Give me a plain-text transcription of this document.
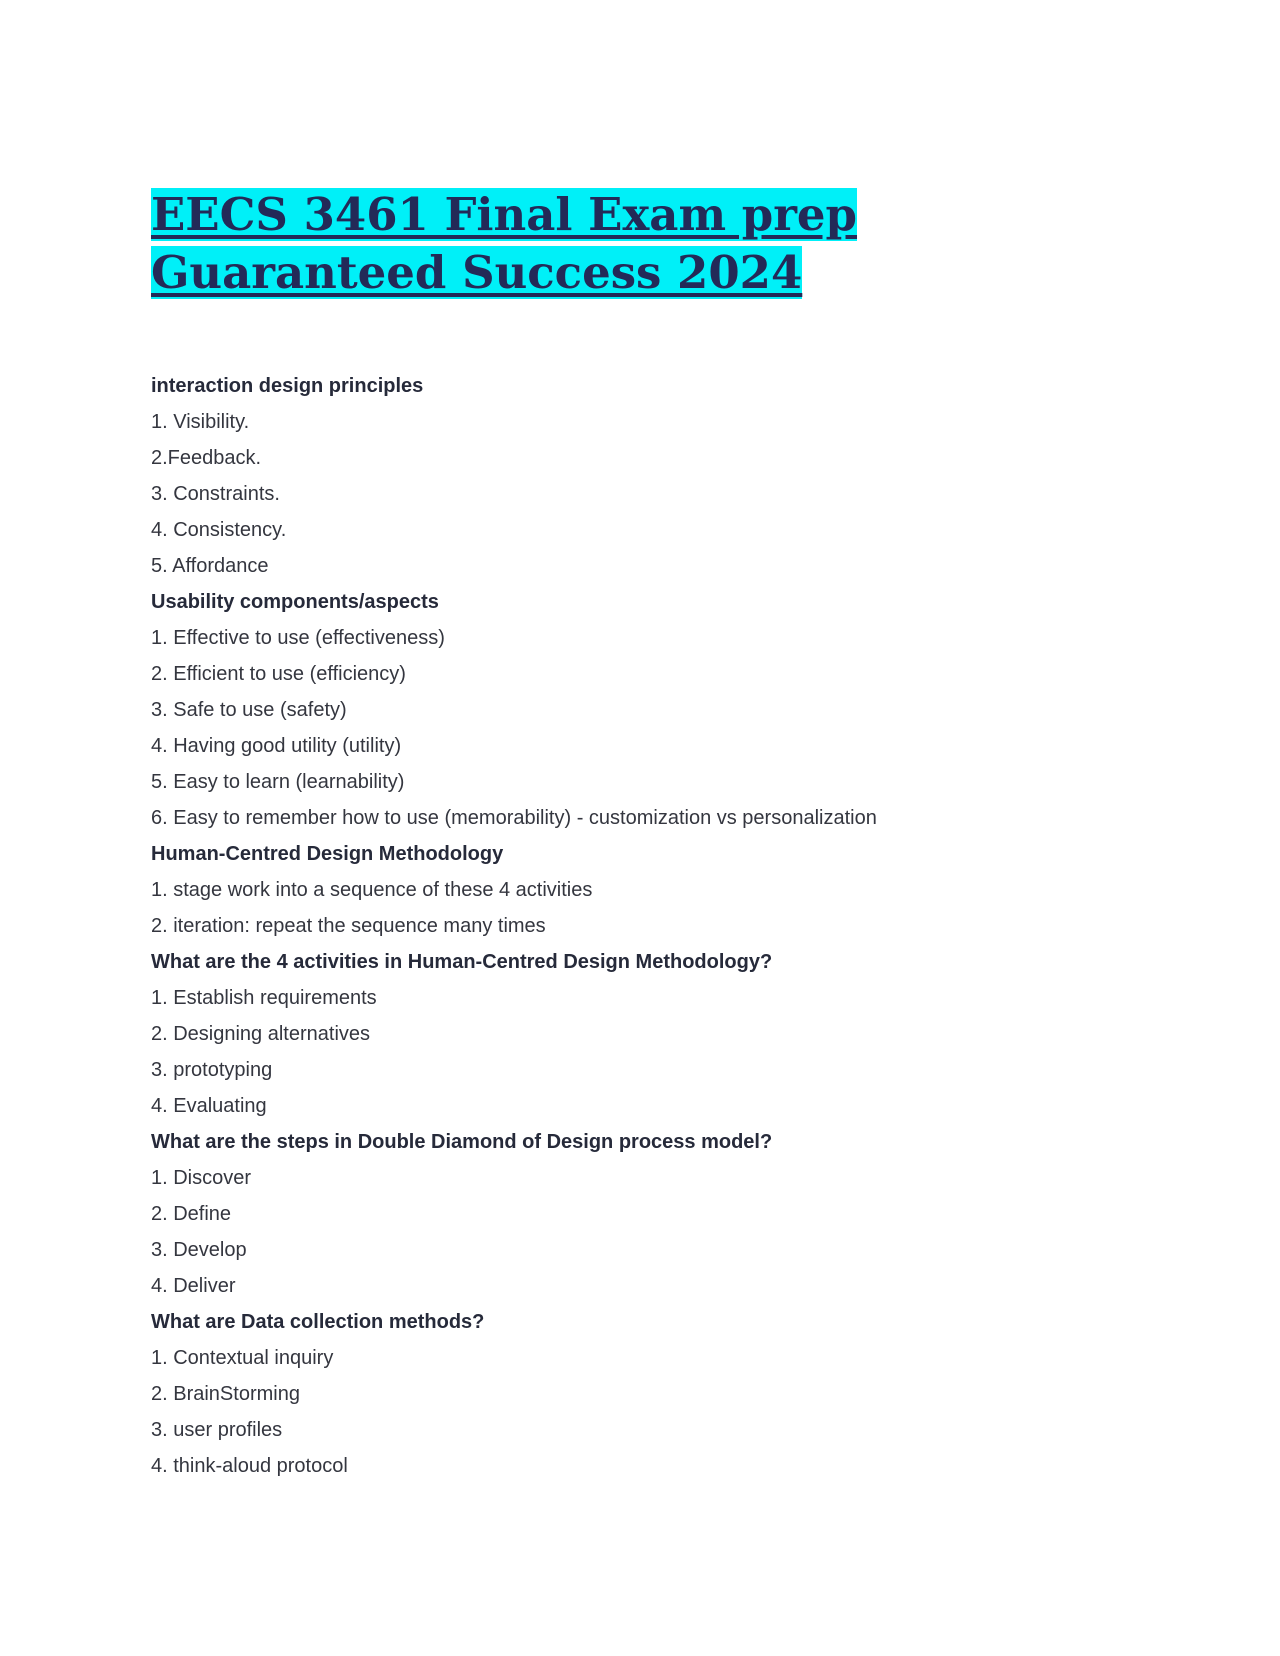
EECS 3461 Final Exam prep Guaranteed Success 2024
interaction design principles
1. Visibility.
2.Feedback.
3. Constraints.
4. Consistency.
5. Affordance
Usability components/aspects
1. Effective to use (effectiveness)
2. Efficient to use (efficiency)
3. Safe to use (safety)
4. Having good utility (utility)
5. Easy to learn (learnability)
6. Easy to remember how to use (memorability) - customization vs personalization
Human-Centred Design Methodology
1. stage work into a sequence of these 4 activities
2. iteration: repeat the sequence many times
What are the 4 activities in Human-Centred Design Methodology?
1. Establish requirements
2. Designing alternatives
3. prototyping
4. Evaluating
What are the steps in Double Diamond of Design process model?
1. Discover
2. Define
3. Develop
4. Deliver
What are Data collection methods?
1. Contextual inquiry
2. BrainStorming
3. user profiles
4. think-aloud protocol
